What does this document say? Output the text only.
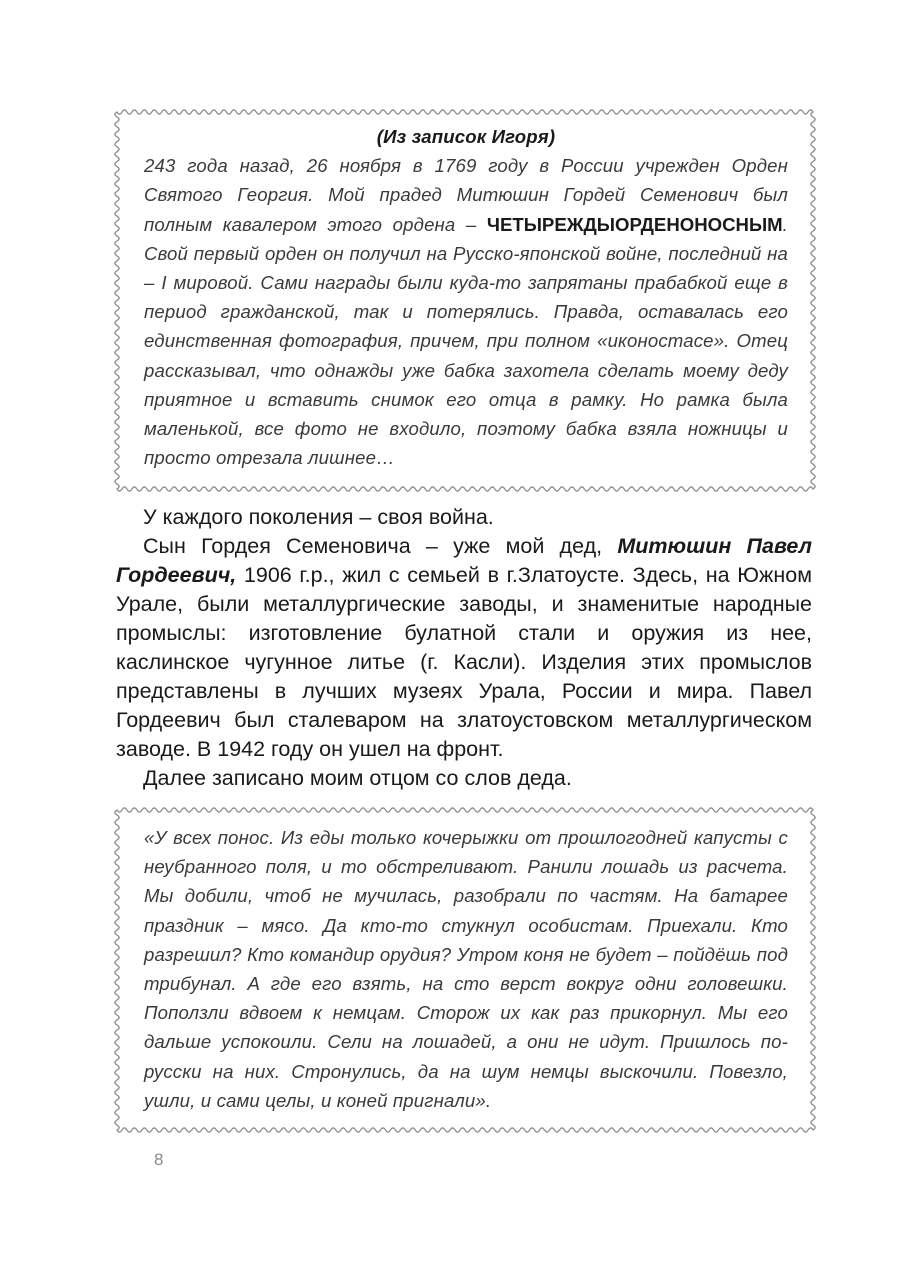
(Из записок Игоря)

243 года назад, 26 ноября в 1769 году в России учрежден Орден Святого Георгия. Мой прадед Митюшин Гордей Семенович был полным кавалером этого ордена – ЧЕТЫРЕЖДЫОРДЕНОНОСНЫМ. Свой первый орден он получил на Русско-японской войне, последний на – I мировой. Сами награды были куда-то запрятаны прабабкой еще в период гражданской, так и потерялись. Правда, оставалась его единственная фотография, причем, при полном «иконостасе». Отец рассказывал, что однажды уже бабка захотела сделать моему деду приятное и вставить снимок его отца в рамку. Но рамка была маленькой, все фото не входило, поэтому бабка взяла ножницы и просто отрезала лишнее…

У каждого поколения – своя война.

Сын Гордея Семеновича – уже мой дед, Митюшин Павел Гордеевич, 1906 г.р., жил с семьей в г.Златоусте. Здесь, на Южном Урале, были металлургические заводы, и знаменитые народные промыслы: изготовление булатной стали и оружия из нее, каслинское чугунное литье (г. Касли). Изделия этих промыслов представлены в лучших музеях Урала, России и мира. Павел Гордеевич был сталеваром на златоустовском металлургическом заводе. В 1942 году он ушел на фронт.

Далее записано моим отцом со слов деда.

«У всех понос. Из еды только кочерыжки от прошлогодней капусты с неубранного поля, и то обстреливают. Ранили лошадь из расчета. Мы добили, чтоб не мучилась, разобрали по частям. На батарее праздник – мясо. Да кто-то стукнул особистам. Приехали. Кто разрешил? Кто командир орудия? Утром коня не будет – пойдёшь под трибунал. А где его взять, на сто верст вокруг одни головешки. Поползли вдвоем к немцам. Сторож их как раз прикорнул. Мы его дальше успокоили. Сели на лошадей, а они не идут. Пришлось по-русски на них. Стронулись, да на шум немцы выскочили. Повезло, ушли, и сами целы, и коней пригнали».

8
